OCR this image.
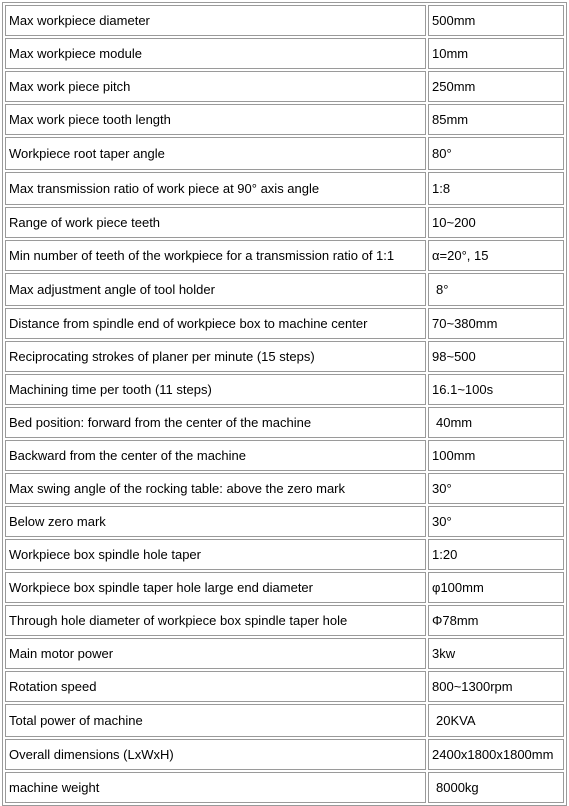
Max workpiece diameter	500mm
Max workpiece module	10mm
Max work piece pitch	250mm
Max work piece tooth length	85mm
Workpiece root taper angle	80°
Max transmission ratio of work piece at 90° axis angle	1:8
Range of work piece teeth	10~200
Min number of teeth of the workpiece for a transmission ratio of 1:1	α=20°, 15
Max adjustment angle of tool holder	8°
Distance from spindle end of workpiece box to machine center	70~380mm
Reciprocating strokes of planer per minute (15 steps)	98~500
Machining time per tooth (11 steps)	16.1~100s
Bed position: forward from the center of the machine	40mm
Backward from the center of the machine	100mm
Max swing angle of the rocking table: above the zero mark	30°
Below zero mark	30°
Workpiece box spindle hole taper	1:20
Workpiece box spindle taper hole large end diameter	φ100mm
Through hole diameter of workpiece box spindle taper hole	Φ78mm
Main motor power	3kw
Rotation speed	800~1300rpm
Total power of machine	20KVA
Overall dimensions (LxWxH)	2400x1800x1800mm
machine weight	8000kg
